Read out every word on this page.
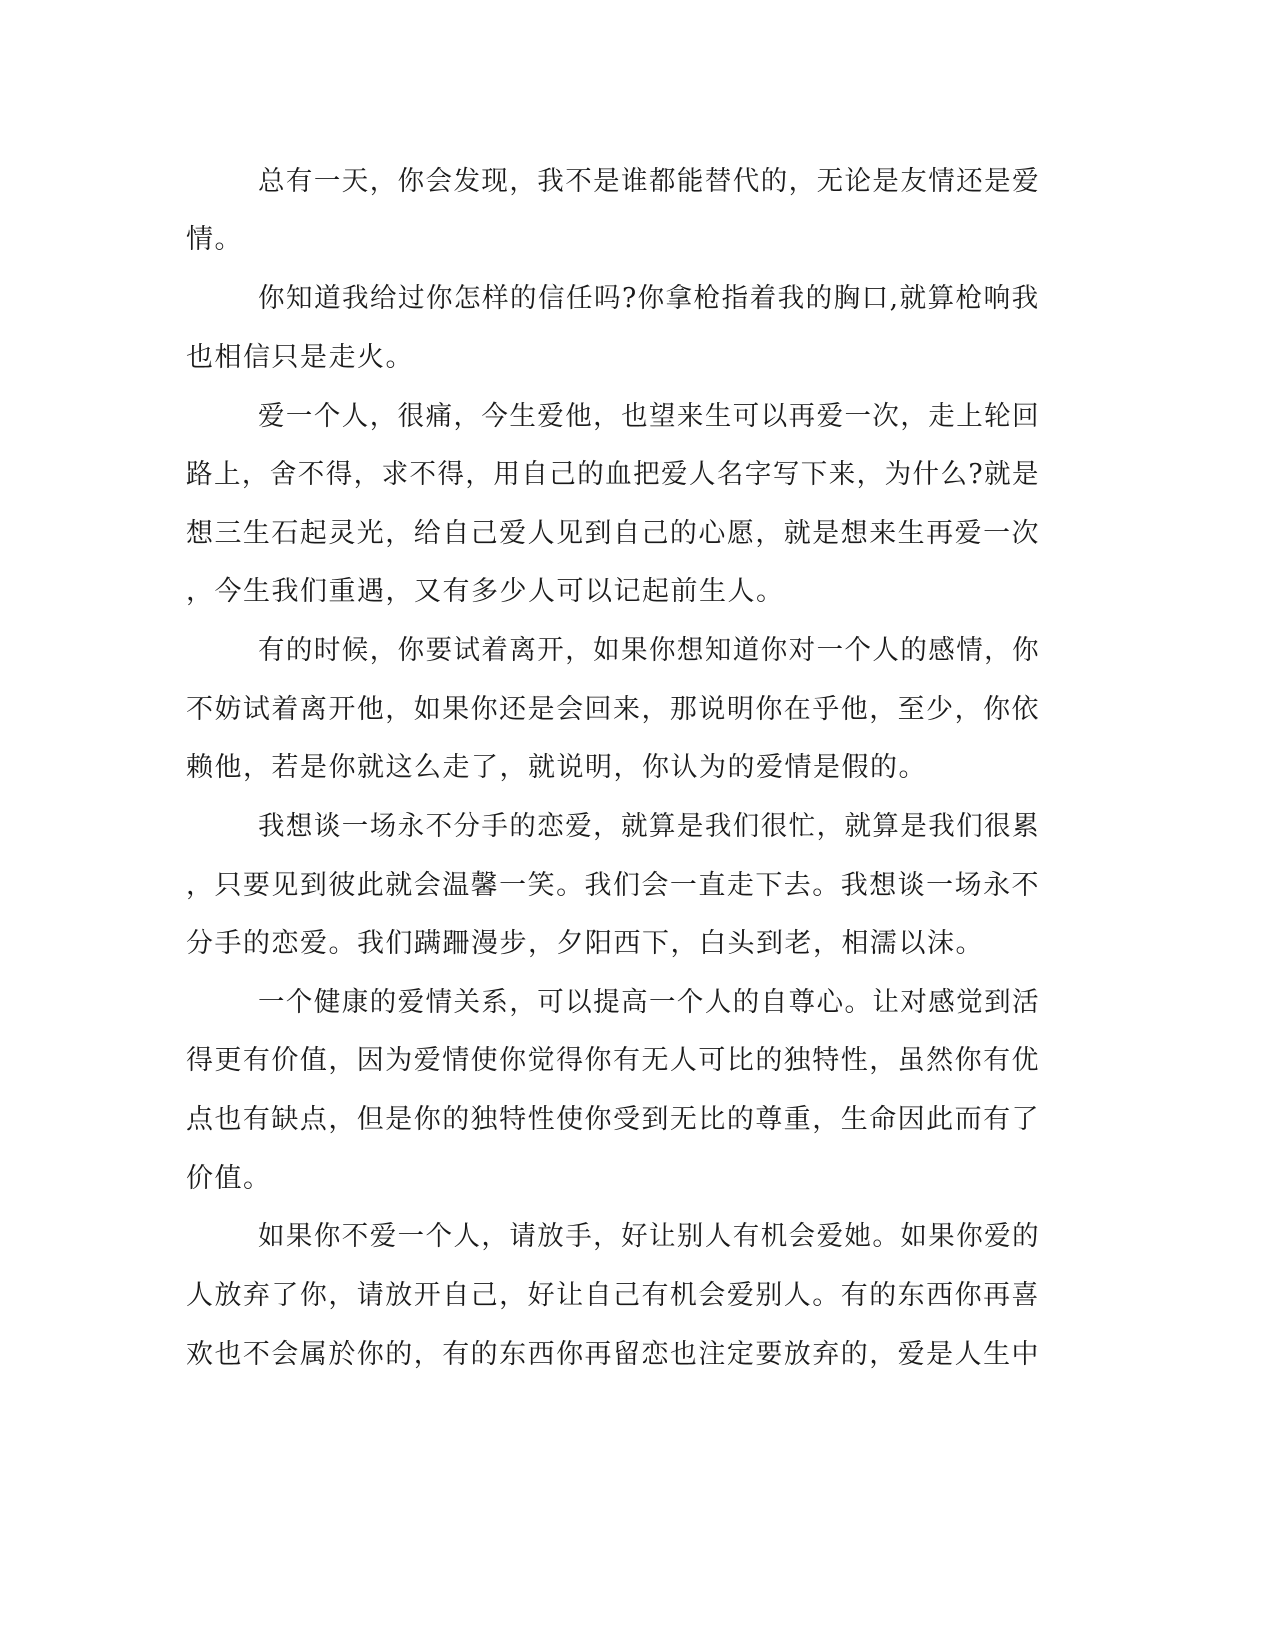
总有一天，你会发现，我不是谁都能替代的，无论是友情还是爱

情。

你知道我给过你怎样的信任吗?你拿枪指着我的胸口,就算枪响我

也相信只是走火。

爱一个人，很痛，今生爱他，也望来生可以再爱一次，走上轮回

路上，舍不得，求不得，用自己的血把爱人名字写下来，为什么?就是

想三生石起灵光，给自己爱人见到自己的心愿，就是想来生再爱一次

，今生我们重遇，又有多少人可以记起前生人。

有的时候，你要试着离开，如果你想知道你对一个人的感情，你

不妨试着离开他，如果你还是会回来，那说明你在乎他，至少，你依

赖他，若是你就这么走了，就说明，你认为的爱情是假的。

我想谈一场永不分手的恋爱，就算是我们很忙，就算是我们很累

，只要见到彼此就会温馨一笑。我们会一直走下去。我想谈一场永不

分手的恋爱。我们蹒跚漫步，夕阳西下，白头到老，相濡以沫。

一个健康的爱情关系，可以提高一个人的自尊心。让对感觉到活

得更有价值，因为爱情使你觉得你有无人可比的独特性，虽然你有优

点也有缺点，但是你的独特性使你受到无比的尊重，生命因此而有了

价值。

如果你不爱一个人，请放手，好让别人有机会爱她。如果你爱的

人放弃了你，请放开自己，好让自己有机会爱别人。有的东西你再喜

欢也不会属於你的，有的东西你再留恋也注定要放弃的，爱是人生中
